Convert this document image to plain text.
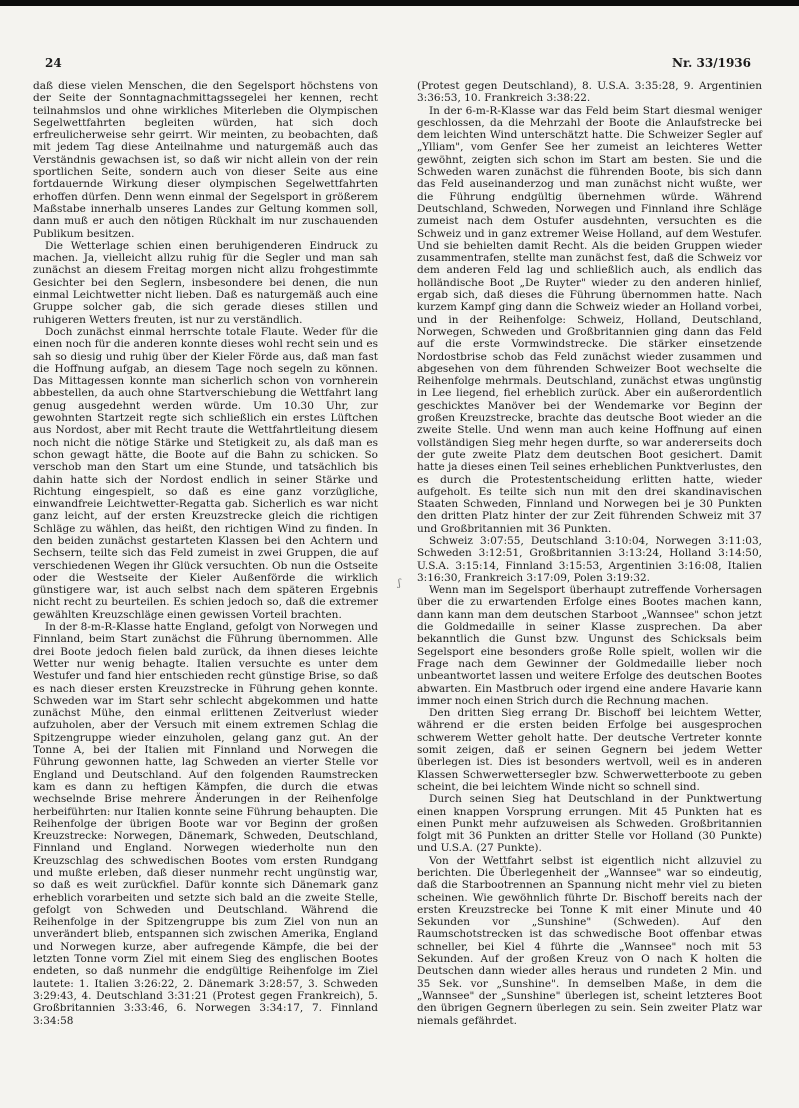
24	Nr. 33/1936
ʃ

daß diese vielen Menschen, die den Segelsport höchstens von der Seite der Sonntagnachmittagssegelei her kennen, recht teilnahmslos und ohne wirkliches Miterleben die Olympischen Segelwettfahrten begleiten würden, hat sich doch erfreulicherweise sehr geirrt. Wir meinten, zu beobachten, daß mit jedem Tag diese Anteilnahme und naturgemäß auch das Verständnis gewachsen ist, so daß wir nicht allein von der rein sportlichen Seite, sondern auch von dieser Seite aus eine fortdauernde Wirkung dieser olympischen Segelwettfahrten erhoffen dürfen. Denn wenn einmal der Segelsport in größerem Maßstabe innerhalb unseres Landes zur Geltung kommen soll, dann muß er auch den nötigen Rückhalt im nur zuschauenden Publikum besitzen.

Die Wetterlage schien einen beruhigenderen Eindruck zu machen. Ja, vielleicht allzu ruhig für die Segler und man sah zunächst an diesem Freitag morgen nicht allzu frohgestimmte Gesichter bei den Seglern, insbesondere bei denen, die nun einmal Leichtwetter nicht lieben. Daß es naturgemäß auch eine Gruppe solcher gab, die sich gerade dieses stillen und ruhigeren Wetters freuten, ist nur zu verständlich.

Doch zunächst einmal herrschte totale Flaute. Weder für die einen noch für die anderen konnte dieses wohl recht sein und es sah so diesig und ruhig über der Kieler Förde aus, daß man fast die Hoffnung aufgab, an diesem Tage noch segeln zu können. Das Mittagessen konnte man sicherlich schon von vornherein abbestellen, da auch ohne Startverschiebung die Wettfahrt lang genug ausgedehnt werden würde. Um 10.30 Uhr, zur gewohnten Startzeit regte sich schließlich ein erstes Lüftchen aus Nordost, aber mit Recht traute die Wettfahrtleitung diesem noch nicht die nötige Stärke und Stetigkeit zu, als daß man es schon gewagt hätte, die Boote auf die Bahn zu schicken. So verschob man den Start um eine Stunde, und tatsächlich bis dahin hatte sich der Nordost endlich in seiner Stärke und Richtung eingespielt, so daß es eine ganz vorzügliche, einwandfreie Leichtwetter-Regatta gab. Sicherlich es war nicht ganz leicht, auf der ersten Kreuzstrecke gleich die richtigen Schläge zu wählen, das heißt, den richtigen Wind zu finden. In den beiden zunächst gestarteten Klassen bei den Achtern und Sechsern, teilte sich das Feld zumeist in zwei Gruppen, die auf verschiedenen Wegen ihr Glück versuchten. Ob nun die Ostseite oder die Westseite der Kieler Außenförde die wirklich günstigere war, ist auch selbst nach dem späteren Ergebnis nicht recht zu beurteilen. Es schien jedoch so, daß die extremer gewählten Kreuzschläge einen gewissen Vorteil brachten.

In der 8-m-R-Klasse hatte England, gefolgt von Norwegen und Finnland, beim Start zunächst die Führung übernommen. Alle drei Boote jedoch fielen bald zurück, da ihnen dieses leichte Wetter nur wenig behagte. Italien versuchte es unter dem Westufer und fand hier entschieden recht günstige Brise, so daß es nach dieser ersten Kreuzstrecke in Führung gehen konnte. Schweden war im Start sehr schlecht abgekommen und hatte zunächst Mühe, den einmal erlittenen Zeitverlust wieder aufzuholen, aber der Versuch mit einem extremen Schlag die Spitzengruppe wieder einzuholen, gelang ganz gut. An der Tonne A, bei der Italien mit Finnland und Norwegen die Führung gewonnen hatte, lag Schweden an vierter Stelle vor England und Deutschland. Auf den folgenden Raumstrecken kam es dann zu heftigen Kämpfen, die durch die etwas wechselnde Brise mehrere Änderungen in der Reihenfolge herbeiführten: nur Italien konnte seine Führung behaupten. Die Reihenfolge der übrigen Boote war vor Beginn der großen Kreuzstrecke: Norwegen, Dänemark, Schweden, Deutschland, Finnland und England. Norwegen wiederholte nun den Kreuzschlag des schwedischen Bootes vom ersten Rundgang und mußte erleben, daß dieser nunmehr recht ungünstig war, so daß es weit zurückfiel. Dafür konnte sich Dänemark ganz erheblich vorarbeiten und setzte sich bald an die zweite Stelle, gefolgt von Schweden und Deutschland. Während die Reihenfolge in der Spitzengruppe bis zum Ziel von nun an unverändert blieb, entspannen sich zwischen Amerika, England und Norwegen kurze, aber aufregende Kämpfe, die bei der letzten Tonne vorm Ziel mit einem Sieg des englischen Bootes endeten, so daß nunmehr die endgültige Reihenfolge im Ziel lautete: 1. Italien 3:26:22, 2. Dänemark 3:28:57, 3. Schweden 3:29:43, 4. Deutschland 3:31:21 (Protest gegen Frankreich), 5. Großbritannien 3:33:46, 6. Norwegen 3:34:17, 7. Finnland 3:34:58

(Protest gegen Deutschland), 8. U.S.A. 3:35:28, 9. Argentinien 3:36:53, 10. Frankreich 3:38:22.

In der 6-m-R-Klasse war das Feld beim Start diesmal weniger geschlossen, da die Mehrzahl der Boote die Anlaufstrecke bei dem leichten Wind unterschätzt hatte. Die Schweizer Segler auf „Ylliam", vom Genfer See her zumeist an leichteres Wetter gewöhnt, zeigten sich schon im Start am besten. Sie und die Schweden waren zunächst die führenden Boote, bis sich dann das Feld auseinanderzog und man zunächst nicht wußte, wer die Führung endgültig übernehmen würde. Während Deutschland, Schweden, Norwegen und Finnland ihre Schläge zumeist nach dem Ostufer ausdehnten, versuchten es die Schweiz und in ganz extremer Weise Holland, auf dem Westufer. Und sie behielten damit Recht. Als die beiden Gruppen wieder zusammentrafen, stellte man zunächst fest, daß die Schweiz vor dem anderen Feld lag und schließlich auch, als endlich das holländische Boot „De Ruyter" wieder zu den anderen hinlief, ergab sich, daß dieses die Führung übernommen hatte. Nach kurzem Kampf ging dann die Schweiz wieder an Holland vorbei, und in der Reihenfolge: Schweiz, Holland, Deutschland, Norwegen, Schweden und Großbritannien ging dann das Feld auf die erste Vormwindstrecke. Die stärker einsetzende Nordostbrise schob das Feld zunächst wieder zusammen und abgesehen von dem führenden Schweizer Boot wechselte die Reihenfolge mehrmals. Deutschland, zunächst etwas ungünstig in Lee liegend, fiel erheblich zurück. Aber ein außerordentlich geschicktes Manöver bei der Wendemarke vor Beginn der großen Kreuzstrecke, brachte das deutsche Boot wieder an die zweite Stelle. Und wenn man auch keine Hoffnung auf einen vollständigen Sieg mehr hegen durfte, so war andererseits doch der gute zweite Platz dem deutschen Boot gesichert. Damit hatte ja dieses einen Teil seines erheblichen Punktverlustes, den es durch die Protestentscheidung erlitten hatte, wieder aufgeholt. Es teilte sich nun mit den drei skandinavischen Staaten Schweden, Finnland und Norwegen bei je 30 Punkten den dritten Platz hinter der zur Zeit führenden Schweiz mit 37 und Großbritannien mit 36 Punkten.

Schweiz 3:07:55, Deutschland 3:10:04, Norwegen 3:11:03, Schweden 3:12:51, Großbritannien 3:13:24, Holland 3:14:50, U.S.A. 3:15:14, Finnland 3:15:53, Argentinien 3:16:08, Italien 3:16:30, Frankreich 3:17:09, Polen 3:19:32.

Wenn man im Segelsport überhaupt zutreffende Vorhersagen über die zu erwartenden Erfolge eines Bootes machen kann, dann kann man dem deutschen Starboot „Wannsee" schon jetzt die Goldmedaille in seiner Klasse zusprechen. Da aber bekanntlich die Gunst bzw. Ungunst des Schicksals beim Segelsport eine besonders große Rolle spielt, wollen wir die Frage nach dem Gewinner der Goldmedaille lieber noch unbeantwortet lassen und weitere Erfolge des deutschen Bootes abwarten. Ein Mastbruch oder irgend eine andere Havarie kann immer noch einen Strich durch die Rechnung machen.

Den dritten Sieg errang Dr. Bischoff bei leichtem Wetter, während er die ersten beiden Erfolge bei ausgesprochen schwerem Wetter geholt hatte. Der deutsche Vertreter konnte somit zeigen, daß er seinen Gegnern bei jedem Wetter überlegen ist. Dies ist besonders wertvoll, weil es in anderen Klassen Schwerwettersegler bzw. Schwerwetterboote zu geben scheint, die bei leichtem Winde nicht so schnell sind.

Durch seinen Sieg hat Deutschland in der Punktwertung einen knappen Vorsprung errungen. Mit 45 Punkten hat es einen Punkt mehr aufzuweisen als Schweden. Großbritannien folgt mit 36 Punkten an dritter Stelle vor Holland (30 Punkte) und U.S.A. (27 Punkte).

Von der Wettfahrt selbst ist eigentlich nicht allzuviel zu berichten. Die Überlegenheit der „Wannsee" war so eindeutig, daß die Starbootrennen an Spannung nicht mehr viel zu bieten scheinen. Wie gewöhnlich führte Dr. Bischoff bereits nach der ersten Kreuzstrecke bei Tonne K mit einer Minute und 40 Sekunden vor „Sunshine" (Schweden). Auf den Raumschotstrecken ist das schwedische Boot offenbar etwas schneller, bei Kiel 4 führte die „Wannsee" noch mit 53 Sekunden. Auf der großen Kreuz von O nach K holten die Deutschen dann wieder alles heraus und rundeten 2 Min. und 35 Sek. vor „Sunshine". In demselben Maße, in dem die „Wannsee" der „Sunshine" überlegen ist, scheint letzteres Boot den übrigen Gegnern überlegen zu sein. Sein zweiter Platz war niemals gefährdet.
